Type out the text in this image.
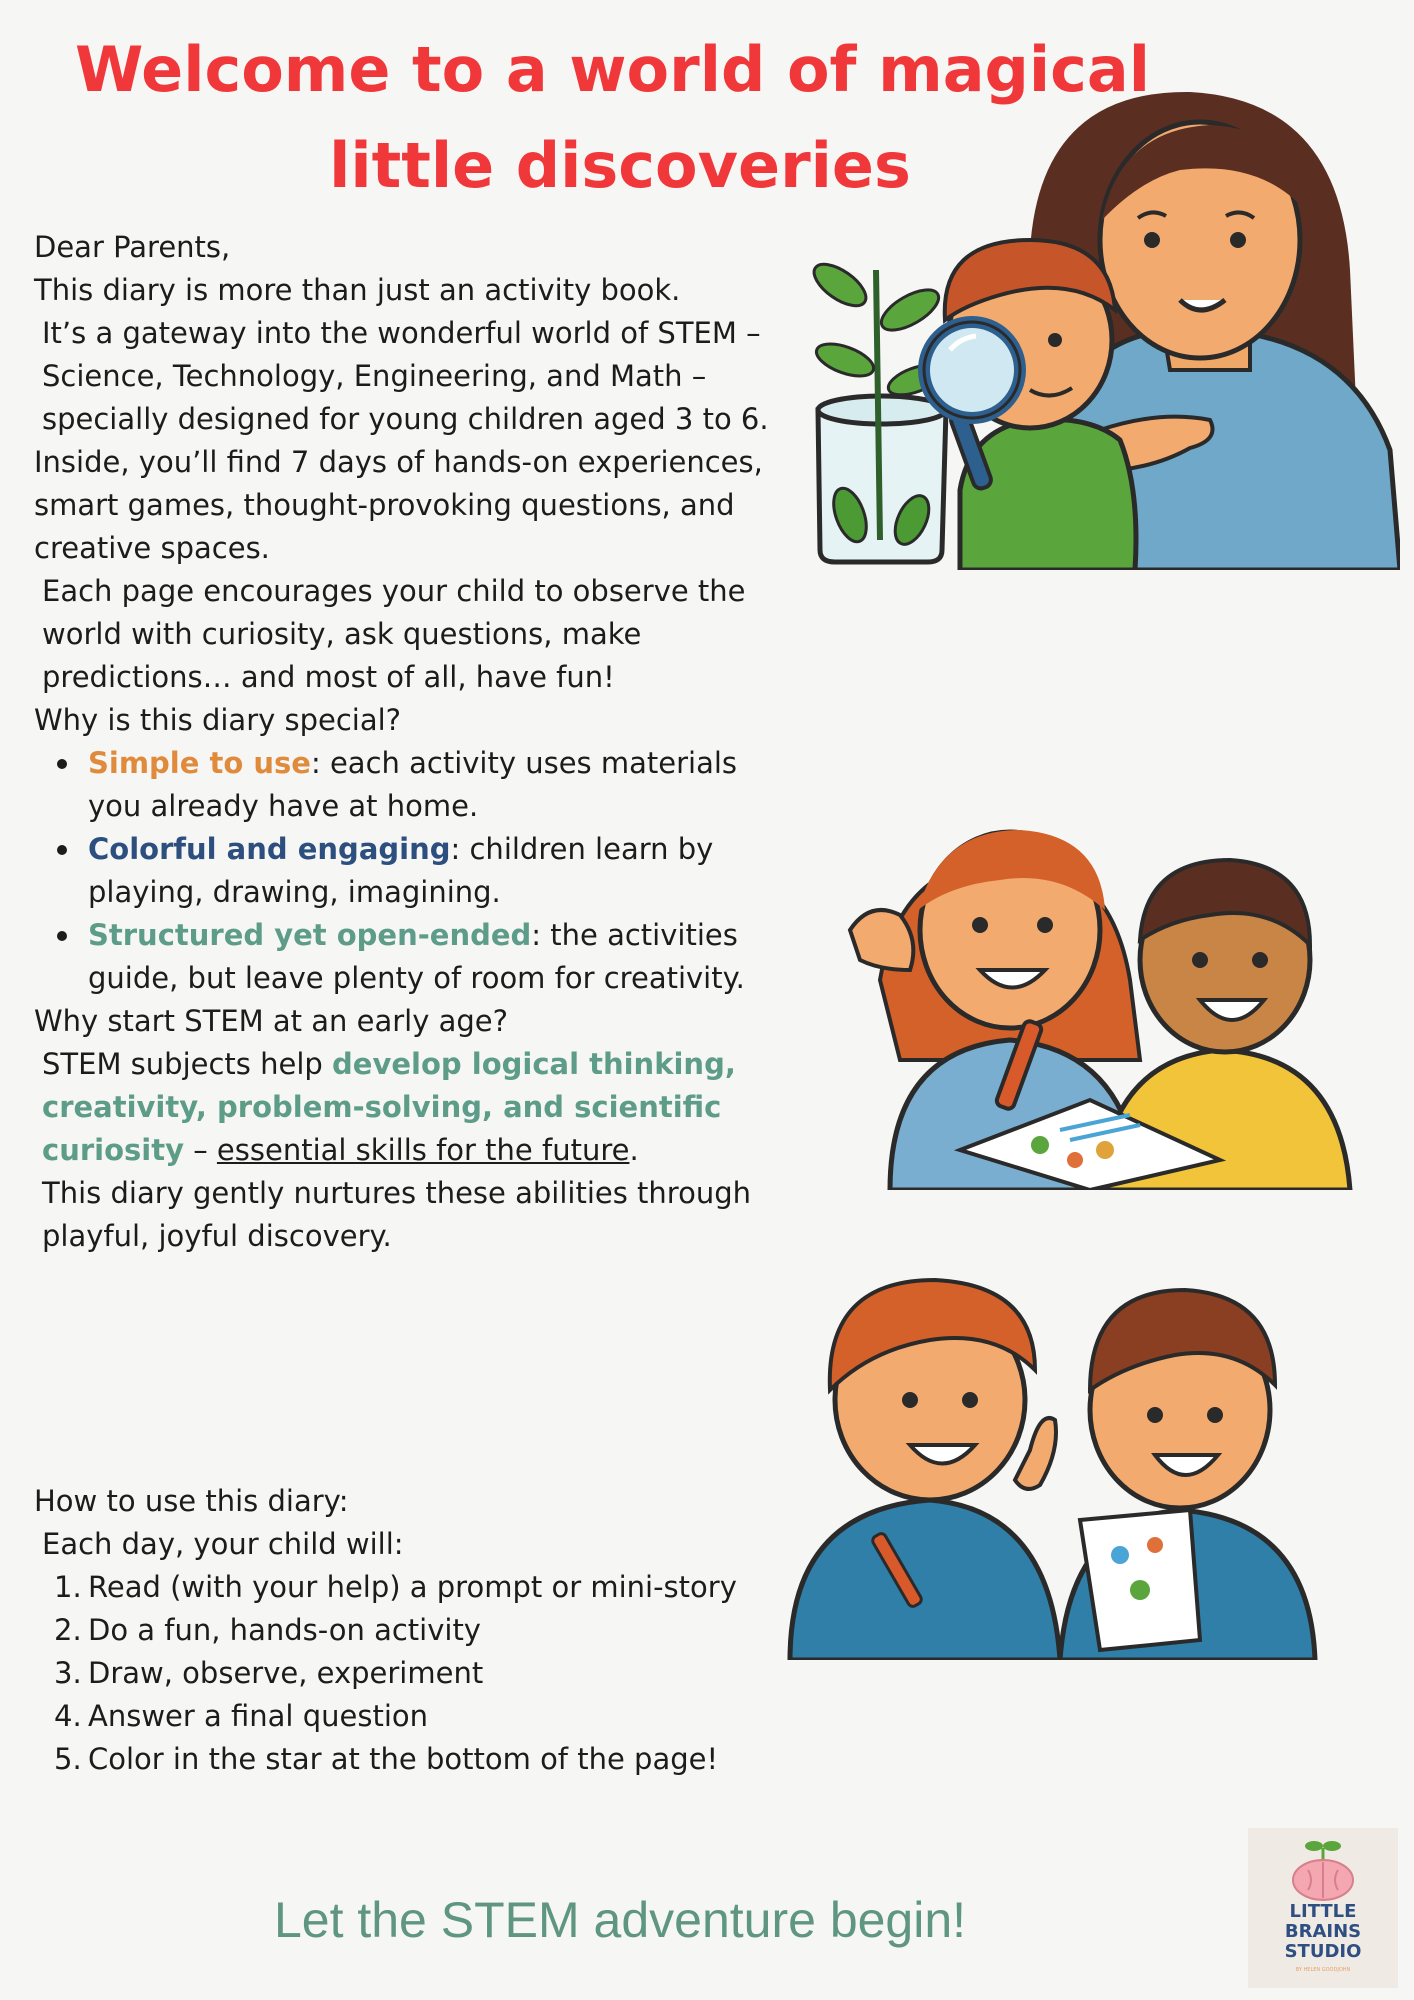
Welcome to a world of magical
little discoveries

Dear Parents,

This diary is more than just an activity book.

It’s a gateway into the wonderful world of STEM – Science, Technology, Engineering, and Math – specially designed for young children aged 3 to 6.

Inside, you’ll find 7 days of hands-on experiences, smart games, thought-provoking questions, and creative spaces.

Each page encourages your child to observe the world with curiosity, ask questions, make predictions… and most of all, have fun!

Why is this diary special?

Simple to use: each activity uses materials you already have at home.
Colorful and engaging: children learn by playing, drawing, imagining.
Structured yet open-ended: the activities guide, but leave plenty of room for creativity.

Why start STEM at an early age?

STEM subjects help develop logical thinking, creativity, problem-solving, and scientific curiosity – essential skills for the future.

This diary gently nurtures these abilities through playful, joyful discovery.

How to use this diary:

Each day, your child will:

1. Read (with your help) a prompt or mini-story
2. Do a fun, hands-on activity
3. Draw, observe, experiment
4. Answer a final question
5. Color in the star at the bottom of the page!
Let the STEM adventure begin!	LITTLE
BRAINS
STUDIO
BY HELEN GOODJOHN
